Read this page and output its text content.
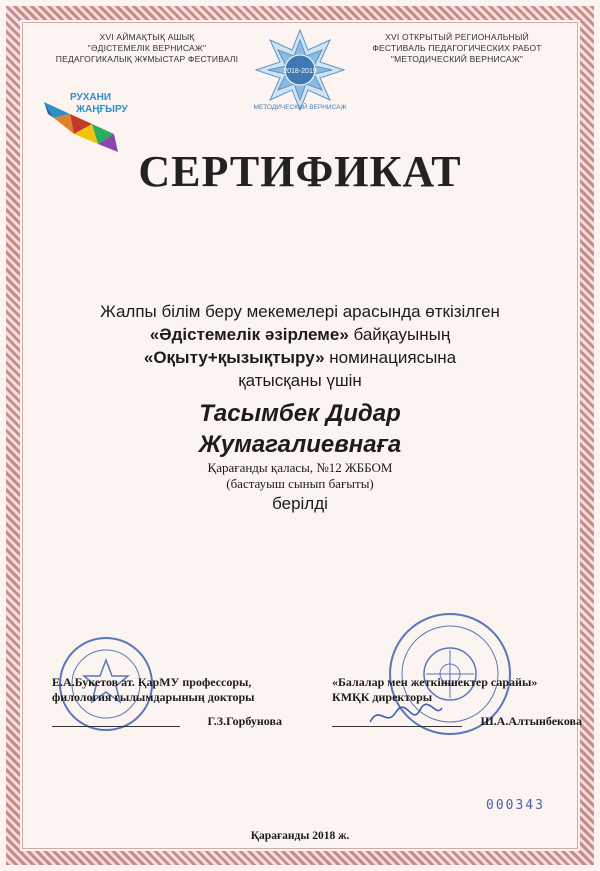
XVI АЙМАҚТЫҚ АШЫҚ
"ӘДІСТЕМЕЛІК ВЕРНИСАЖ"
ПЕДАГОГИКАЛЫҚ ЖҰМЫСТАР ФЕСТИВАЛІ
2018-2019
МЕТОДИЧЕСКИЙ ВЕРНИСАЖ
XVI ОТКРЫТЫЙ РЕГИОНАЛЬНЫЙ
ФЕСТИВАЛЬ ПЕДАГОГИЧЕСКИХ РАБОТ
"МЕТОДИЧЕСКИЙ ВЕРНИСАЖ"
РУХАНИ
ЖАҢҒЫРУ
СЕРТИФИКАТ
Жалпы білім беру мекемелері арасында өткізілген
«Әдістемелік әзірлеме» байқауының
«Оқыту+қызықтыру» номинациясына
қатысқаны үшін
Тасымбек Дидар
Жумагалиевнаға
Қарағанды қаласы, №12 ЖББОМ
(бастауыш сынып бағыты)
берілді
Е.А.Букетов ат. ҚарМУ профессоры,
филология ғылымдарының докторы
Г.З.Горбунова
«Балалар мен жеткіншектер сарайы»
КМҚК директоры
Ш.А.Алтынбекова
000343
Қарағанды 2018 ж.
